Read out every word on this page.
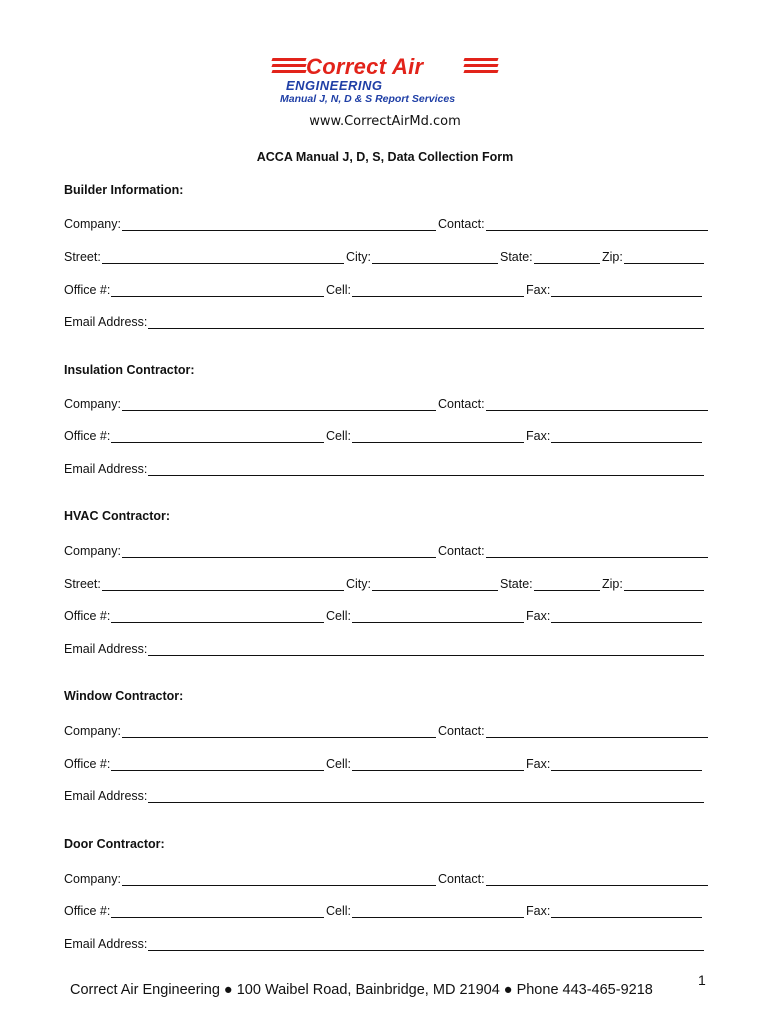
Correct Air
ENGINEERING
Manual J, N, D & S Report Services
www.CorrectAirMd.com
ACCA Manual J, D, S, Data Collection Form
Builder Information:
Company:	Contact:
Street:	City:	State:	Zip:
Office #:	Cell:	Fax:
Email Address:
Insulation Contractor:
Company:	Contact:
Office #:	Cell:	Fax:
Email Address:
HVAC Contractor:
Company:	Contact:
Street:	City:	State:	Zip:
Office #:	Cell:	Fax:
Email Address:
Window Contractor:
Company:	Contact:
Office #:	Cell:	Fax:
Email Address:
Door Contractor:
Company:	Contact:
Office #:	Cell:	Fax:
Email Address:
Correct Air Engineering ● 100 Waibel Road, Bainbridge, MD 21904 ● Phone 443-465-9218
1
